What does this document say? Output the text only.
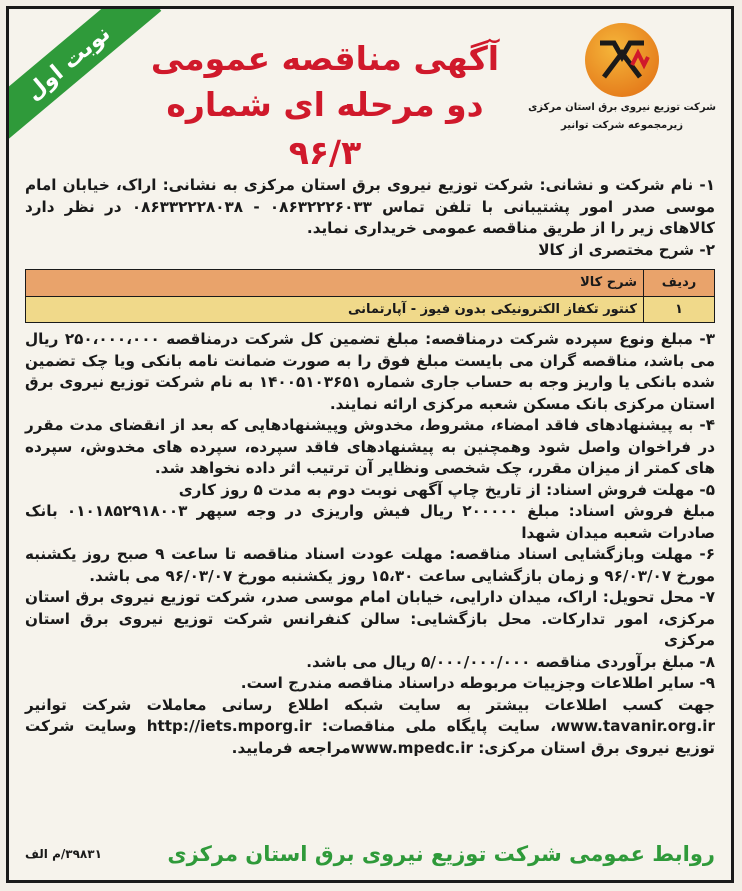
نوبت اول
شرکت توزیع نیروی برق استان مرکزی
زیرمجموعه شرکت توانیر
آگهی مناقصه عمومی
دو مرحله ای شماره ۹۶/۳

۱- نام شرکت و نشانی: شرکت توزیع نیروی برق استان مرکزی به نشانی: اراک، خیابان امام موسی صدر امور پشتیبانی با تلفن تماس ۰۸۶۳۲۲۲۶۰۳۳ - ۰۸۶۳۳۲۲۲۸۰۳۸ در نظر دارد کالاهای زیر را از طریق مناقصه عمومی خریداری نماید.

۲- شرح مختصری از کالا

ردیف	شرح کالا
۱	کنتور تکفاز الکترونیکی بدون فیوز - آپارتمانی

۳- مبلغ ونوع سپرده شرکت درمناقصه: مبلغ تضمین کل شرکت درمناقصه ۲۵۰،۰۰۰،۰۰۰ ریال می باشد، مناقصه گران می بایست مبلغ فوق را به صورت ضمانت نامه بانکی ویا چک تضمین شده بانکی یا واریز وجه به حساب جاری شماره ۱۴۰۰۵۱۰۳۶۵۱ به نام شرکت توزیع نیروی برق استان مرکزی بانک مسکن شعبه مرکزی ارائه نمایند.

۴- به پیشنهادهای فاقد امضاء، مشروط، مخدوش وپیشنهادهایی که بعد از انقضای مدت مقرر در فراخوان واصل شود وهمچنین به پیشنهادهای فاقد سپرده، سپرده های مخدوش، سپرده های کمتر از میزان مقرر، چک شخصی ونظایر آن ترتیب اثر داده نخواهد شد.

۵- مهلت فروش اسناد: از تاریخ چاپ آگهی نوبت دوم به مدت ۵ روز کاری

مبلغ فروش اسناد: مبلغ ۲۰۰۰۰۰ ریال فیش واریزی در وجه سپهر ۰۱۰۱۸۵۲۹۱۸۰۰۳ بانک صادرات شعبه میدان شهدا

۶- مهلت وبازگشایی اسناد مناقصه: مهلت عودت اسناد مناقصه تا ساعت ۹ صبح روز یکشنبه مورخ ۹۶/۰۳/۰۷ و زمان بازگشایی ساعت ۱۵،۳۰ روز یکشنبه مورخ ۹۶/۰۳/۰۷ می باشد.

۷- محل تحویل: اراک، میدان دارایی، خیابان امام موسی صدر، شرکت توزیع نیروی برق استان مرکزی، امور تدارکات. محل بازگشایی: سالن کنفرانس شرکت توزیع نیروی برق استان مرکزی

۸- مبلغ برآوردی مناقصه ۵/۰۰۰/۰۰۰/۰۰۰ ریال می باشد.

۹- سایر اطلاعات وجزییات مربوطه دراسناد مناقصه مندرج است.

جهت کسب اطلاعات بیشتر به سایت شبکه اطلاع رسانی معاملات شرکت توانیر www.tavanir.org.ir، سایت پایگاه ملی مناقصات: http://iets.mporg.ir وسایت شرکت توزیع نیروی برق استان مرکزی: www.mpedc.irمراجعه فرمایید.

روابط عمومی شرکت توزیع نیروی برق استان مرکزی
۳۹۸۳۱/م الف
